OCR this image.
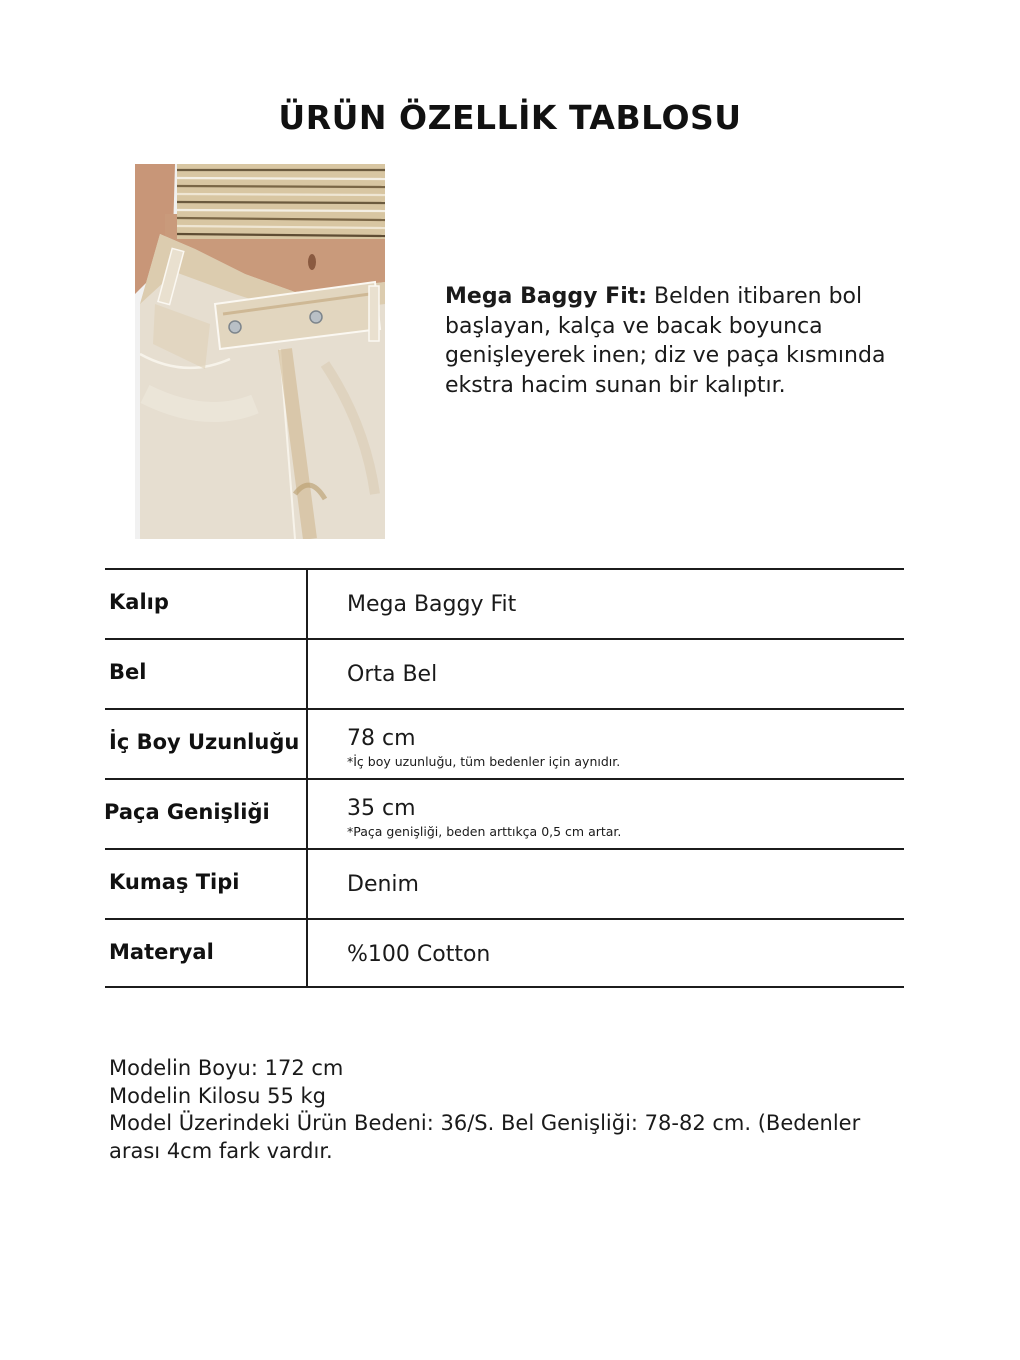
ÜRÜN ÖZELLİK TABLOSU

Mega Baggy Fit: Belden itibaren bol başlayan, kalça ve bacak boyunca genişleyerek inen; diz ve paça kısmında ekstra hacim sunan bir kalıptır.

Kalıp	Mega Baggy Fit
Bel	Orta Bel
İç Boy Uzunluğu 78 cm
*İç boy uzunluğu, tüm bedenler için aynıdır.
Paça Genişliği	35 cm
*Paça genişliği, beden arttıkça 0,5 cm artar.
Kumaş Tipi	Denim
Materyal	%100 Cotton
Modelin Boyu: 172 cm
Modelin Kilosu 55 kg
Model Üzerindeki Ürün Bedeni: 36/S. Bel Genişliği: 78-82 cm. (Bedenler
arası 4cm fark vardır.
